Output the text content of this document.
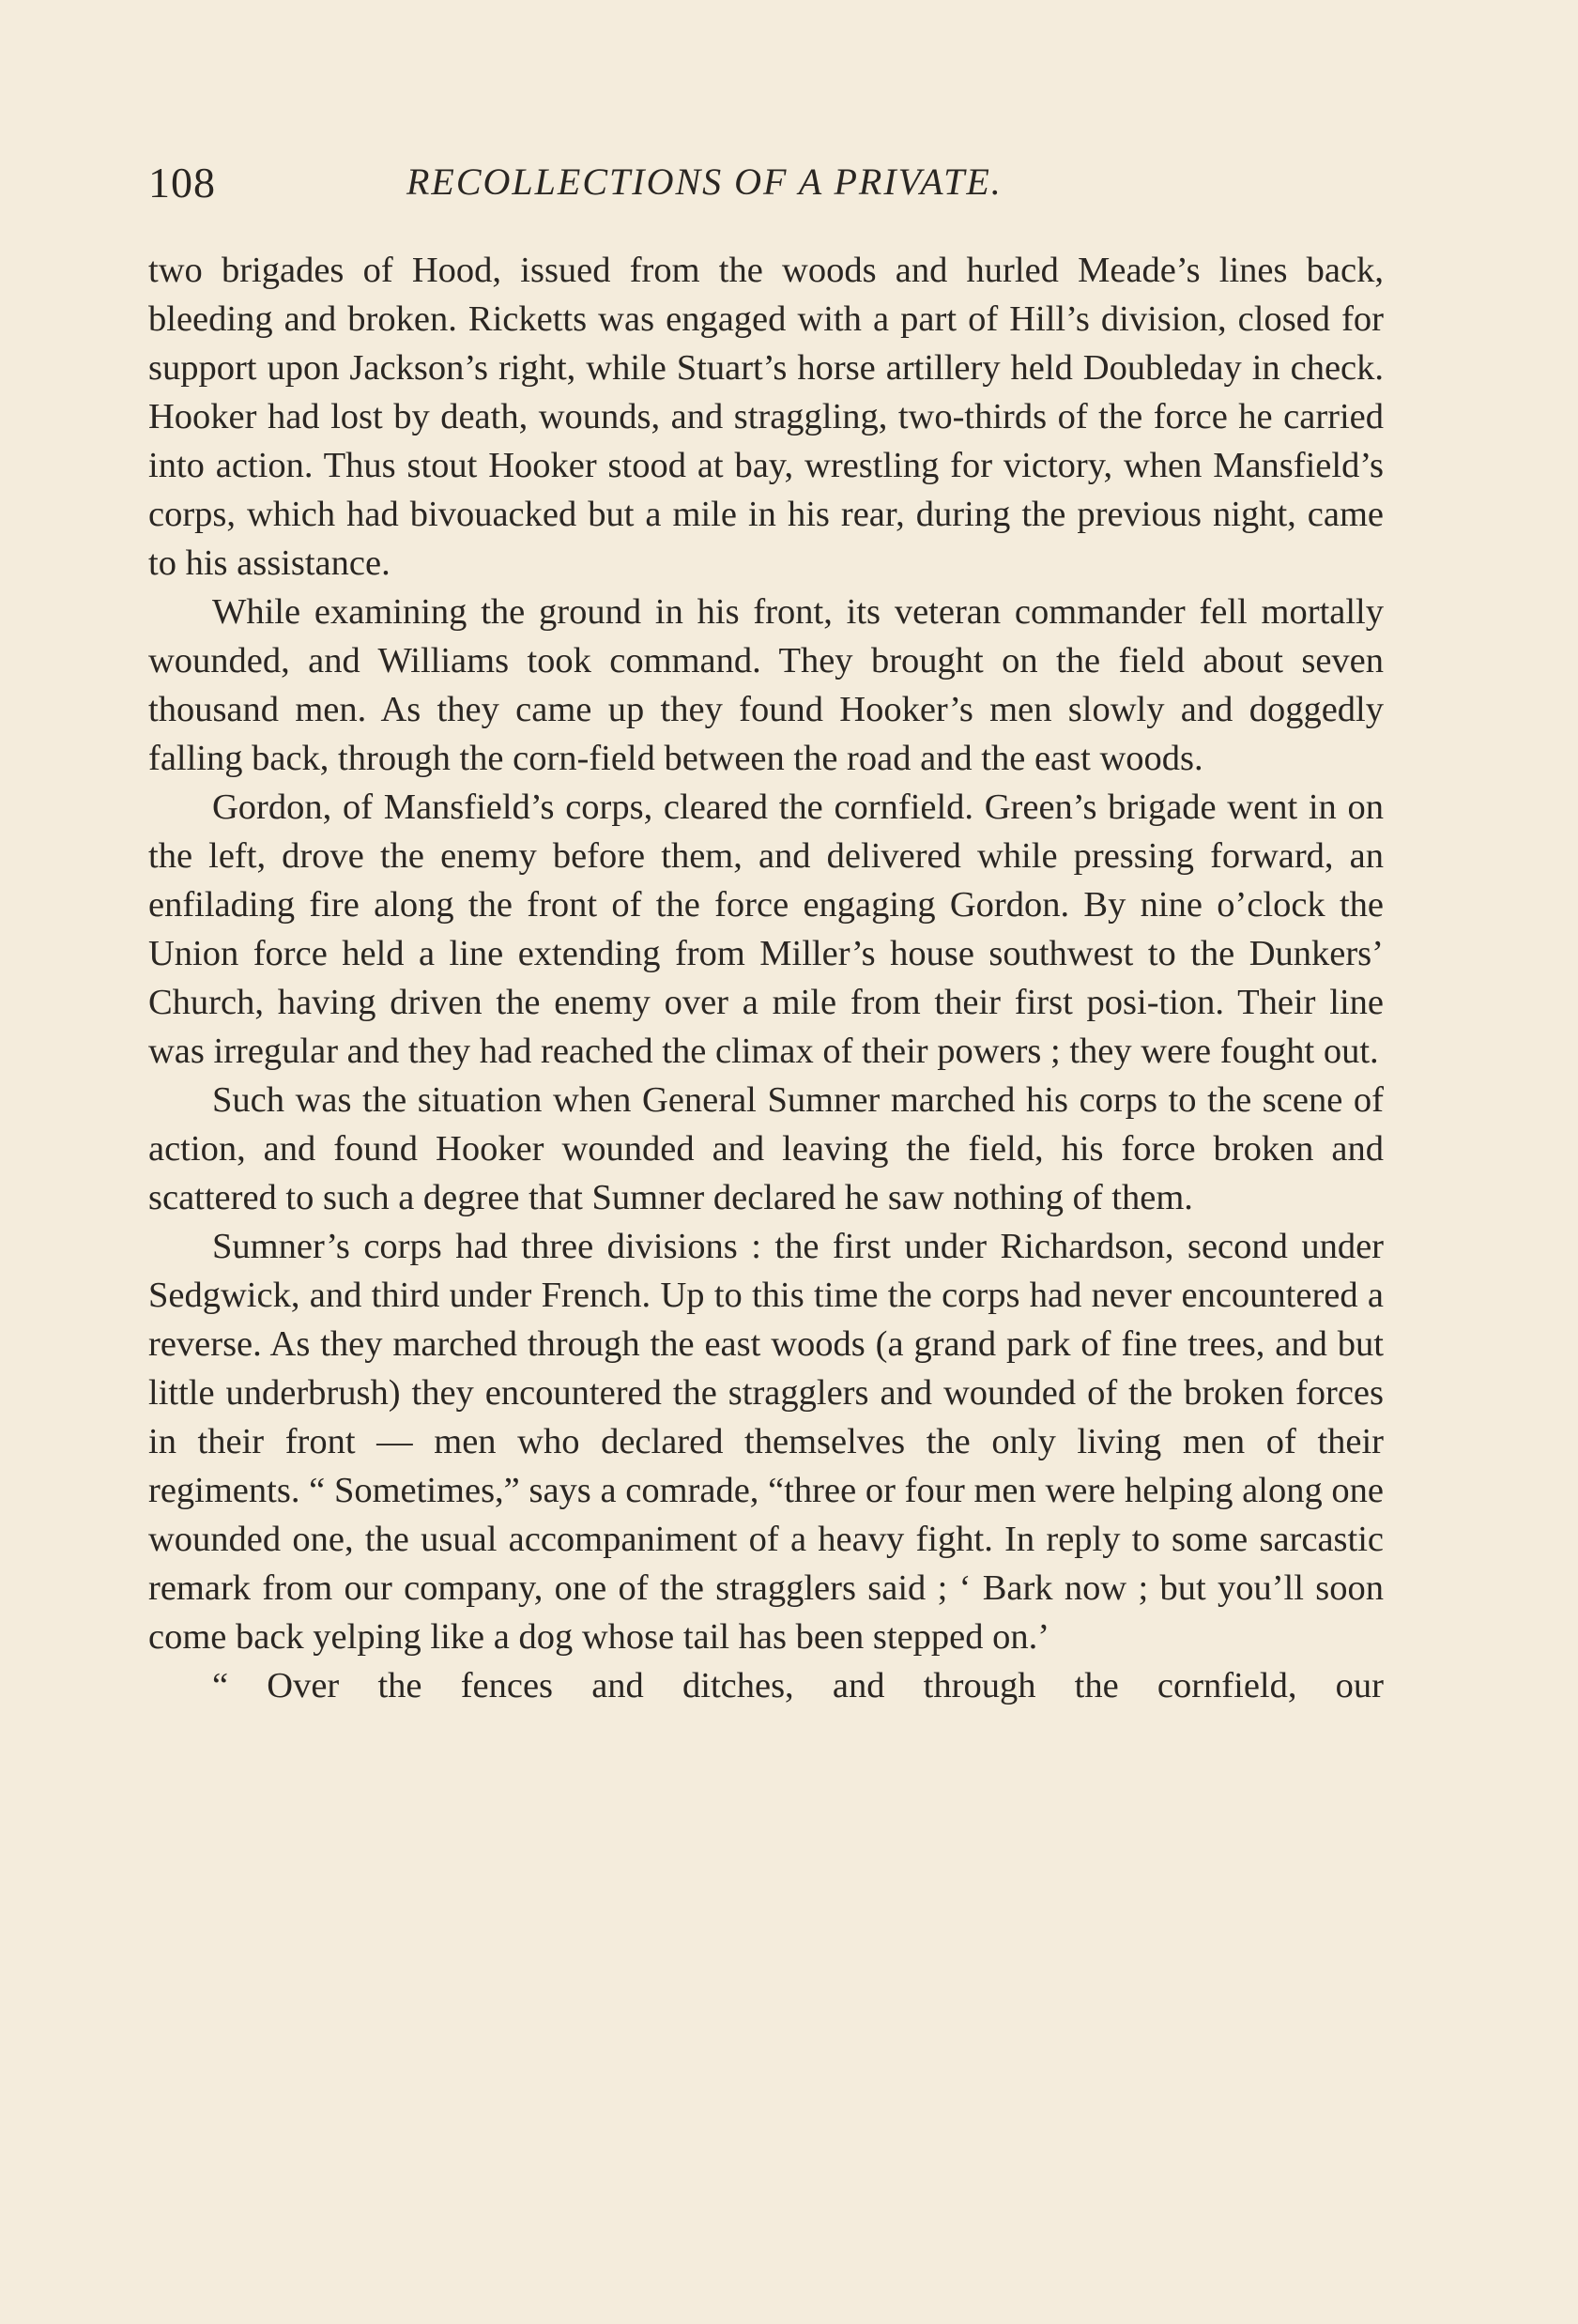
108	RECOLLECTIONS OF A PRIVATE.

two brigades of Hood, issued from the woods and hurled Meade’s lines back, bleeding and broken. Ricketts was engaged with a part of Hill’s division, closed for support upon Jackson’s right, while Stuart’s horse artillery held Doubleday in check. Hooker had lost by death, wounds, and straggling, two-thirds of the force he carried into action. Thus stout Hooker stood at bay, wrestling for victory, when Mansfield’s corps, which had bivouacked but a mile in his rear, during the previous night, came to his assistance.

While examining the ground in his front, its veteran commander fell mortally wounded, and Williams took command. They brought on the field about seven thousand men. As they came up they found Hooker’s men slowly and doggedly falling back, through the corn-field between the road and the east woods.

Gordon, of Mansfield’s corps, cleared the cornfield. Green’s brigade went in on the left, drove the enemy before them, and delivered while pressing forward, an enfilading fire along the front of the force engaging Gordon. By nine o’clock the Union force held a line extending from Miller’s house southwest to the Dunkers’ Church, having driven the enemy over a mile from their first posi-tion. Their line was irregular and they had reached the climax of their powers ; they were fought out.

Such was the situation when General Sumner marched his corps to the scene of action, and found Hooker wounded and leaving the field, his force broken and scattered to such a degree that Sumner declared he saw nothing of them.

Sumner’s corps had three divisions : the first under Richardson, second under Sedgwick, and third under French. Up to this time the corps had never encountered a reverse. As they marched through the east woods (a grand park of fine trees, and but little underbrush) they encountered the stragglers and wounded of the broken forces in their front — men who declared themselves the only living men of their regiments. “ Sometimes,” says a comrade, “three or four men were helping along one wounded one, the usual accompaniment of a heavy fight. In reply to some sarcastic remark from our company, one of the stragglers said ; ‘ Bark now ; but you’ll soon come back yelping like a dog whose tail has been stepped on.’

“ Over the fences and ditches, and through the cornfield, our
